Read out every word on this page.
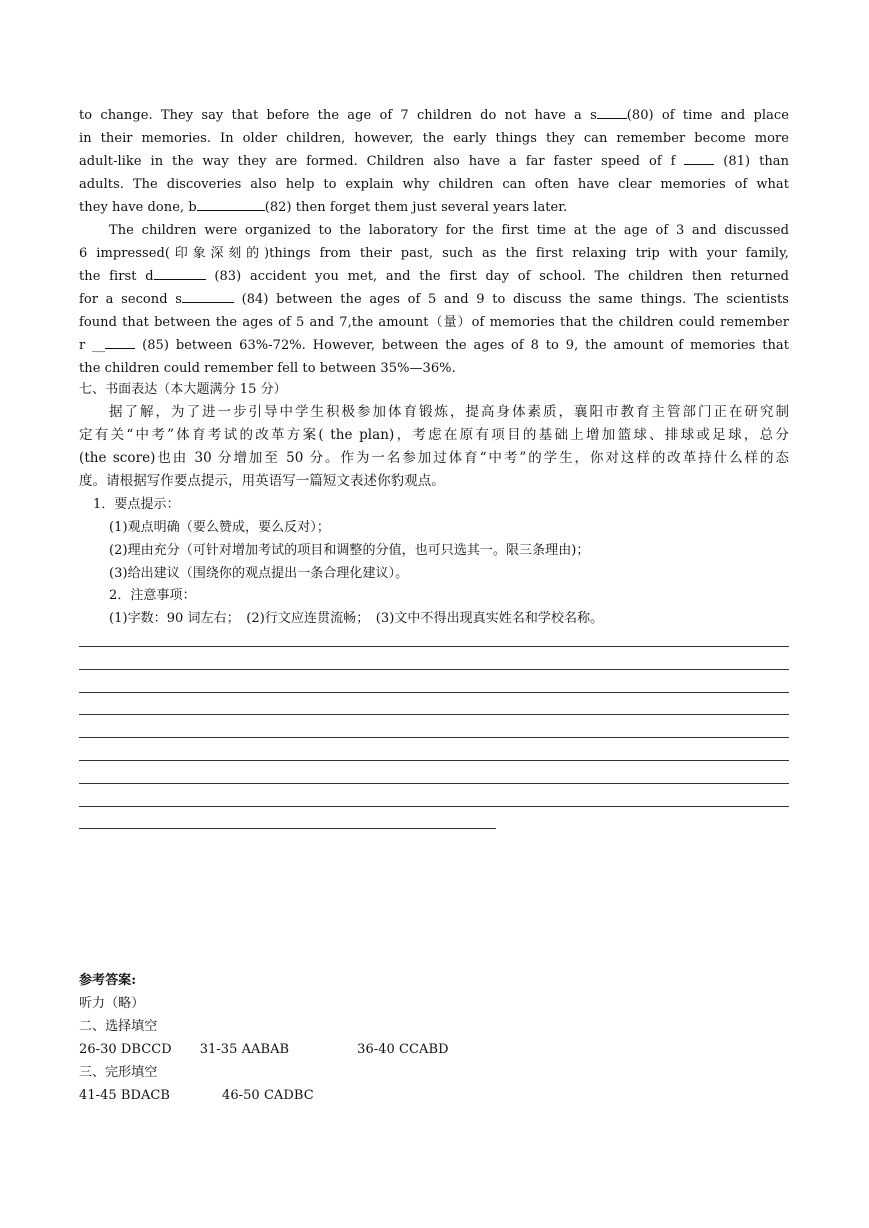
to change. They say that before the age of 7 children do not have a s (80) of time and place
in their memories. In older children, however, the early things they can remember become more
adult-like in the way they are formed. Children also have a far faster speed of f	(81) than
adults. The discoveries also help to explain why children can often have clear memories of what
they have done, b	(82) then forget them just several years later.
The children were organized to the laboratory for the first time at the age of 3 and discussed
6 impressed(印象深刻的)things from their past, such as the first relaxing trip with your family,
the first d	(83) accident you met, and the first day of school. The children then returned
for a second s	(84) between the ages of 5 and 9 to discuss the same things. The scientists
found that between the ages of 5 and 7,the amount（量）of memories that the children could remember
r __	(85) between 63%-72%. However, between the ages of 8 to 9, the amount of memories that
the children could remember fell to between 35%—36%.
七、书面表达（本大题满分 15 分）
据了解，为了进一步引导中学生积极参加体育锻炼，提高身体素质，襄阳市教育主管部门正在研究制
定有关“中考”体育考试的改革方案( the plan)，考虑在原有项目的基础上增加篮球、排球或足球，总分
(the score)也由 30 分增加至 50 分。作为一名参加过体育“中考”的学生，你对这样的改革持什么样的态
度。请根据写作要点提示，用英语写一篇短文表述你豹观点。
1．要点提示：
(1)观点明确（要么赞成，要么反对）；
(2)理由充分（可针对增加考试的项目和调整的分值，也可只选其一。限三条理由)；
(3)给出建议（围绕你的观点提出一条合理化建议）。
2．注意事项：
(1)字数：90 词左右；　(2)行文应连贯流畅；　(3)文中不得出现真实姓名和学校名称。
参考答案:
听力（略）
二、选择填空
26-30 DBCCD 31-35 AABAB	36-40 CCABD
三、完形填空
41-45 BDACB	46-50 CADBC
